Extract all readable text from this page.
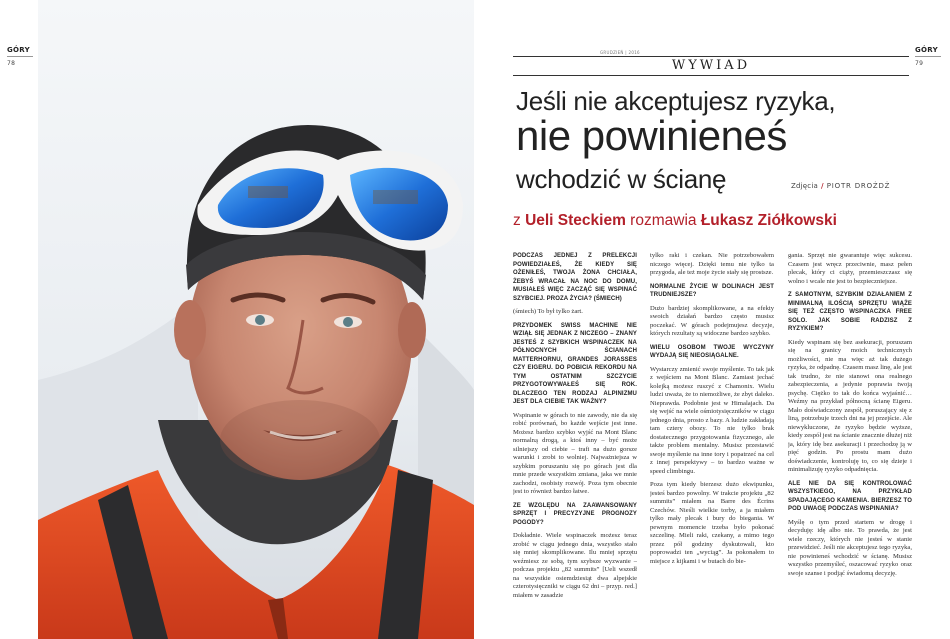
GÓRY
78
GÓRY
79
GRUDZIEŃ | 2016
WYWIAD
Jeśli nie akceptujesz ryzyka,
nie powinieneś
wchodzić w ścianę	Zdjęcia / PIOTR DROŻDŻ
z Ueli Steckiem rozmawia Łukasz Ziółkowski

PODCZAS JEDNEJ Z PRELEKCJI POWIEDZIAŁEŚ, ŻE KIEDY SIĘ OŻENIŁEŚ, TWOJA ŻONA CHCIAŁA, ŻEBYŚ WRACAŁ NA NOC DO DOMU, MUSIAŁEŚ WIĘC ZACZĄĆ SIĘ WSPINAĆ SZYBCIEJ. PROZA ŻYCIA? (ŚMIECH)

(śmiech) To był tylko żart.

PRZYDOMEK SWISS MACHINE NIE WZIĄŁ SIĘ JEDNAK Z NICZEGO – ZNANY JESTEŚ Z SZYBKICH WSPINACZEK NA PÓŁNOCNYCH ŚCIANACH MATTERHORNU, GRANDES JORASSES CZY EIGERU. DO POBICIA REKORDU NA TYM OSTATNIM SZCZYCIE PRZYGOTOWYWAŁEŚ SIĘ ROK. DLACZEGO TEN RODZAJ ALPINIZMU JEST DLA CIEBIE TAK WAŻNY?

Wspinanie w górach to nie zawody, nie da się robić porównań, bo każde wejście jest inne. Możesz bardzo szybko wyjść na Mont Blanc normalną drogą, a ktoś inny – być może silniejszy od ciebie – trafi na dużo gorsze warunki i zrobi to wolniej. Najważniejsza w szybkim poruszaniu się po górach jest dla mnie przede wszystkim zmiana, jaka we mnie zachodzi, osobisty rozwój. Poza tym obecnie jest to również bardzo łatwe.

ZE WZGLĘDU NA ZAAWANSOWANY SPRZĘT I PRECYZYJNE PROGNOZY POGODY?

Dokładnie. Wiele wspinaczek możesz teraz zrobić w ciągu jednego dnia, wszystko stało się mniej skomplikowane. Ilu mniej sprzętu weźmiesz ze sobą, tym szybsze wyzwanie – podczas projektu „82 summits” [Ueli wszedł na wszystkie osiemdziesiąt dwa alpejskie czterotysięczniki w ciągu 62 dni – przyp. red.] miałem w zasadzie

tylko raki i czekan. Nie potrzebowałem niczego więcej. Dzięki temu nie tylko ta przygoda, ale też moje życie stały się prostsze.

NORMALNE ŻYCIE W DOLINACH JEST TRUDNIEJSZE?

Dużo bardziej skomplikowane, a na efekty swoich działań bardzo często musisz poczekać. W górach podejmujesz decyzje, których rezultaty są widoczne bardzo szybko.

WIELU OSOBOM TWOJE WYCZYNY WYDAJĄ SIĘ NIEOSIĄGALNE.

Wystarczy zmienić swoje myślenie. To tak jak z wejściem na Mont Blanc. Zamiast jechać kolejką możesz ruszyć z Chamonix. Wielu ludzi uważa, że to niemożliwe, że zbyt daleko. Nieprawda. Podobnie jest w Himalajach. Da się wejść na wiele ośmiotysięczników w ciągu jednego dnia, prosto z bazy. A ludzie zakładają tam cztery obozy. To nie tylko brak dostatecznego przygotowania fizycznego, ale także problem mentalny. Musisz przestawić swoje myślenie na inne tory i popatrzeć na cel z innej perspektywy – to bardzo ważne w speed climbingu.

Poza tym kiedy bierzesz dużo ekwipunku, jesteś bardzo powolny. W trakcie projektu „82 summits” miałem na Barre des Écrins Czechów. Nieśli wielkie torby, a ja miałem tylko mały plecak i bury do biegania. W pewnym momencie trzeba było pokonać szczelinę. Mieli raki, czekany, a mimo tego przez pół godziny dyskutowali, kto poprowadzi ten „wyciąg”. Ja pokonałem to miejsce z kijkami i w butach do bie-

gania. Sprzęt nie gwarantuje więc sukcesu. Czasem jest wręcz przeciwnie, masz pełen plecak, który ci ciąży, przemieszczasz się wolno i wcale nie jest to bezpieczniejsze.

Z SAMOTNYM, SZYBKIM DZIAŁANIEM Z MINIMALNĄ ILOŚCIĄ SPRZĘTU WIĄŻE SIĘ TEŻ CZĘSTO WSPINACZKA FREE SOLO. JAK SOBIE RADZISZ Z RYZYKIEM?

Kiedy wspinam się bez asekuracji, poruszam się na granicy moich technicznych możliwości, nie ma więc aż tak dużego ryzyka, że odpadnę. Czasem masz linę, ale jest tak trudno, że nie stanowi ona realnego zabezpieczenia, a jedynie poprawia twoją psychę. Ciężko to tak do końca wyjaśnić… Weźmy na przykład północną ścianę Eigeru. Mało doświadczony zespół, poruszający się z liną, potrzebuje trzech dni na jej przejście. Ale niewykluczone, że ryzyko będzie wyższe, kiedy zespół jest na ścianie znacznie dłużej niż ja, który idę bez asekuracji i przechodzę ją w pięć godzin. Po prostu mam dużo doświadczenie, kontroluję to, co się dzieje i minimalizuję ryzyko odpadnięcia.

ALE NIE DA SIĘ KONTROLOWAĆ WSZYSTKIEGO, NA PRZYKŁAD SPADAJĄCEGO KAMIENIA. BIERZESZ TO POD UWAGĘ PODCZAS WSPINANIA?

Myślę o tym przed startem w drogę i decyduję: idę albo nie. To prawda, że jest wiele rzeczy, których nie jesteś w stanie przewidzieć. Jeśli nie akceptujesz tego ryzyka, nie powinieneś wchodzić w ścianę. Musisz wszystko przemyśleć, oszacować ryzyko oraz swoje szanse i podjąć świadomą decyzję.
